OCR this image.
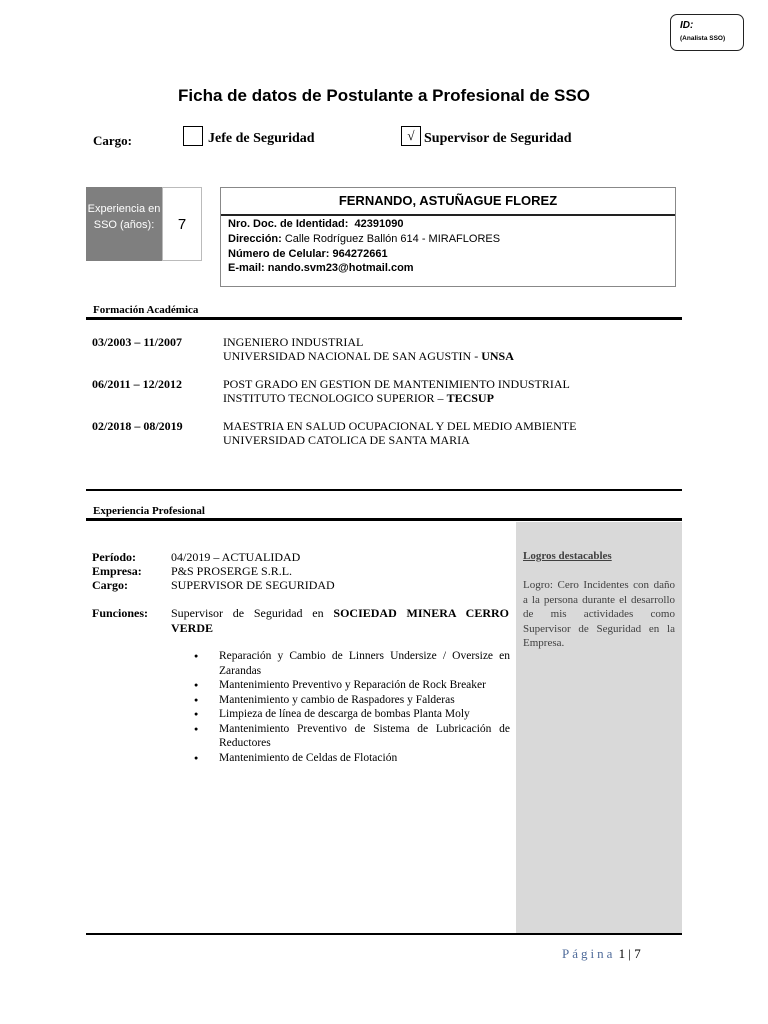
ID:
(Analista SSO)
Ficha de datos de Postulante a Profesional de SSO
Cargo:	Jefe de Seguridad	√ Supervisor de Seguridad
Experiencia en SSO (años):	7
FERNANDO, ASTUÑAGUE FLOREZ
Nro. Doc. de Identidad: 42391090
Dirección: Calle Rodríguez Ballón 614 - MIRAFLORES
Número de Celular: 964272661
E-mail: nando.svm23@hotmail.com
Formación Académica
03/2003 – 11/2007	INGENIERO INDUSTRIAL
UNIVERSIDAD NACIONAL DE SAN AGUSTIN - UNSA
06/2011 – 12/2012	POST GRADO EN GESTION DE MANTENIMIENTO INDUSTRIAL
INSTITUTO TECNOLOGICO SUPERIOR – TECSUP
02/2018 – 08/2019	MAESTRIA EN SALUD OCUPACIONAL Y DEL MEDIO AMBIENTE
UNIVERSIDAD CATOLICA DE SANTA MARIA
Experiencia Profesional
Logros destacables
Logro: Cero Incidentes con daño a la persona durante el desarrollo de mis actividades como Supervisor de Seguridad en la Empresa.
Período:	04/2019 – ACTUALIDAD
Empresa: P&S PROSERGE S.R.L.
Cargo:	SUPERVISOR DE SEGURIDAD
Funciones: Supervisor de Seguridad en SOCIEDAD MINERA CERRO VERDE
● Reparación y Cambio de Linners Undersize / Oversize en Zarandas
● Mantenimiento Preventivo y Reparación de Rock Breaker
● Mantenimiento y cambio de Raspadores y Falderas
● Limpieza de línea de descarga de bombas Planta Moly
● Mantenimiento Preventivo de Sistema de Lubricación de Reductores
● Mantenimiento de Celdas de Flotación
Página 1 | 7
